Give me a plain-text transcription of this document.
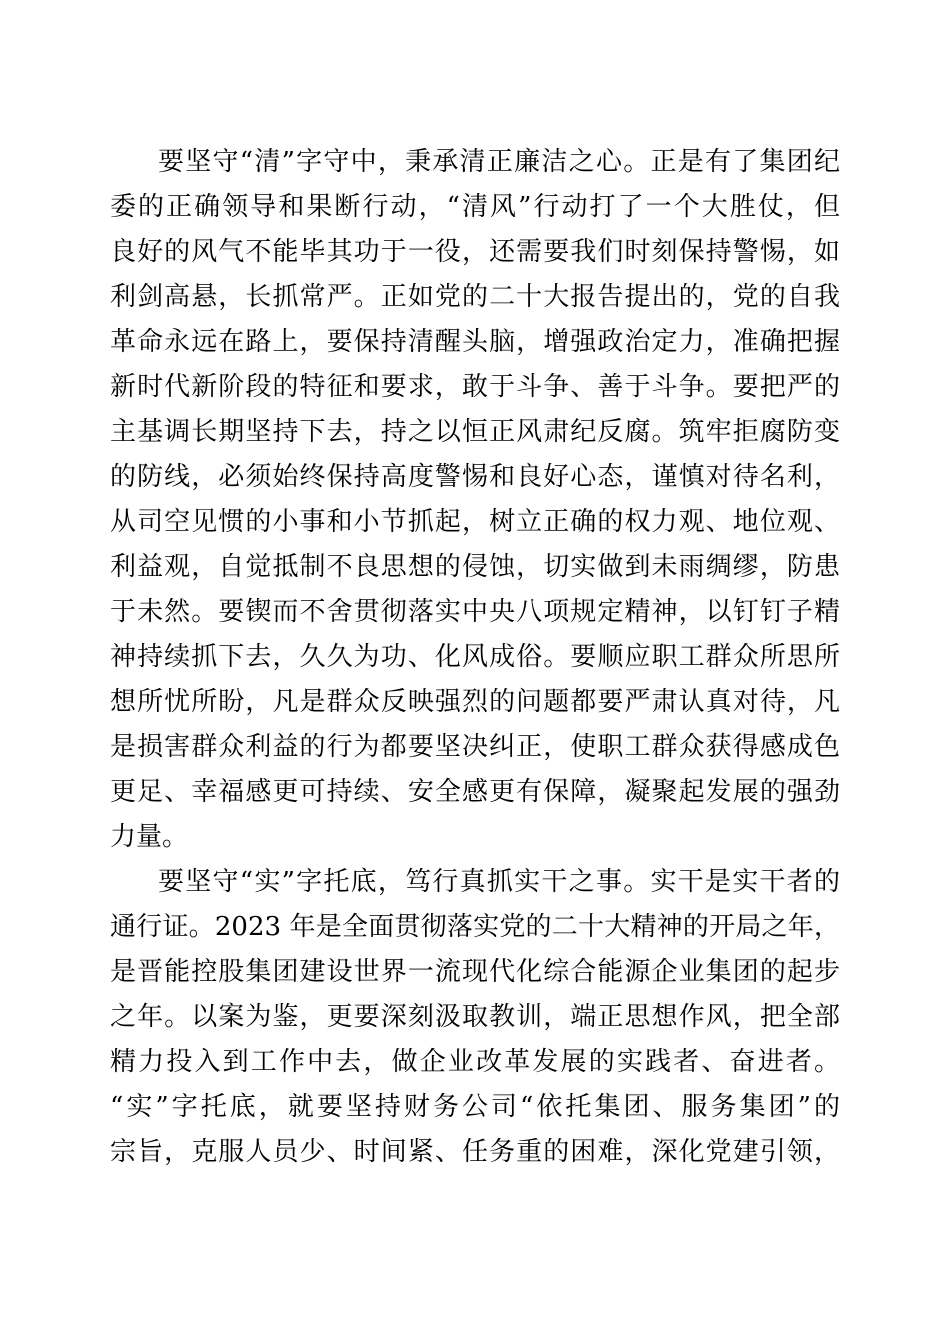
要坚守“清”字守中，秉承清正廉洁之心。正是有了集团纪

委的正确领导和果断行动，“清风”行动打了一个大胜仗，但

良好的风气不能毕其功于一役，还需要我们时刻保持警惕，如

利剑高悬，长抓常严。正如党的二十大报告提出的，党的自我

革命永远在路上，要保持清醒头脑，增强政治定力，准确把握

新时代新阶段的特征和要求，敢于斗争、善于斗争。要把严的

主基调长期坚持下去，持之以恒正风肃纪反腐。筑牢拒腐防变

的防线，必须始终保持高度警惕和良好心态，谨慎对待名利，

从司空见惯的小事和小节抓起，树立正确的权力观、地位观、

利益观，自觉抵制不良思想的侵蚀，切实做到未雨绸缪，防患

于未然。要锲而不舍贯彻落实中央八项规定精神，以钉钉子精

神持续抓下去，久久为功、化风成俗。要顺应职工群众所思所

想所忧所盼，凡是群众反映强烈的问题都要严肃认真对待，凡

是损害群众利益的行为都要坚决纠正，使职工群众获得感成色

更足、幸福感更可持续、安全感更有保障，凝聚起发展的强劲

力量。

要坚守“实”字托底，笃行真抓实干之事。实干是实干者的

通行证。2023 年是全面贯彻落实党的二十大精神的开局之年，

是晋能控股集团建设世界一流现代化综合能源企业集团的起步

之年。以案为鉴，更要深刻汲取教训，端正思想作风，把全部

精力投入到工作中去，做企业改革发展的实践者、奋进者。

“实”字托底，就要坚持财务公司“依托集团、服务集团”的

宗旨，克服人员少、时间紧、任务重的困难，深化党建引领，
